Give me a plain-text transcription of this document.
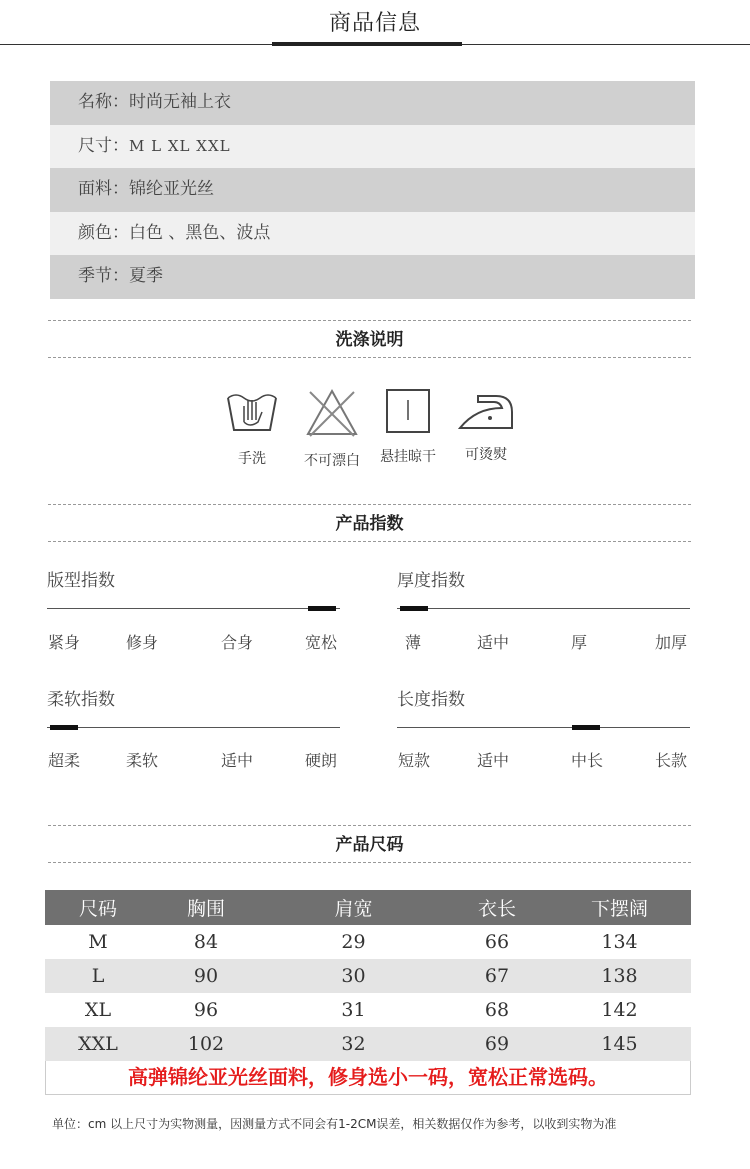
商品信息
名称：时尚无袖上衣
尺寸：M L XL XXL
面料：锦纶亚光丝
颜色：白色 、黑色、波点
季节：夏季
洗涤说明
手洗	不可漂白	悬挂晾干	可烫熨
产品指数
版型指数
紧身	修身	合身	宽松
厚度指数
薄	适中	厚	加厚
柔软指数
超柔	柔软	适中	硬朗
长度指数
短款	适中	中长	长款
产品尺码
尺码	胸围	肩宽	衣长	下摆阔
M	84	29	66	134
L	90	30	67	138
XL	96	31	68	142
XXL	102	32	69	145
高弹锦纶亚光丝面料，修身选小一码，宽松正常选码。
单位：cm 以上尺寸为实物测量，因测量方式不同会有1-2CM误差，相关数据仅作为参考，以收到实物为准
